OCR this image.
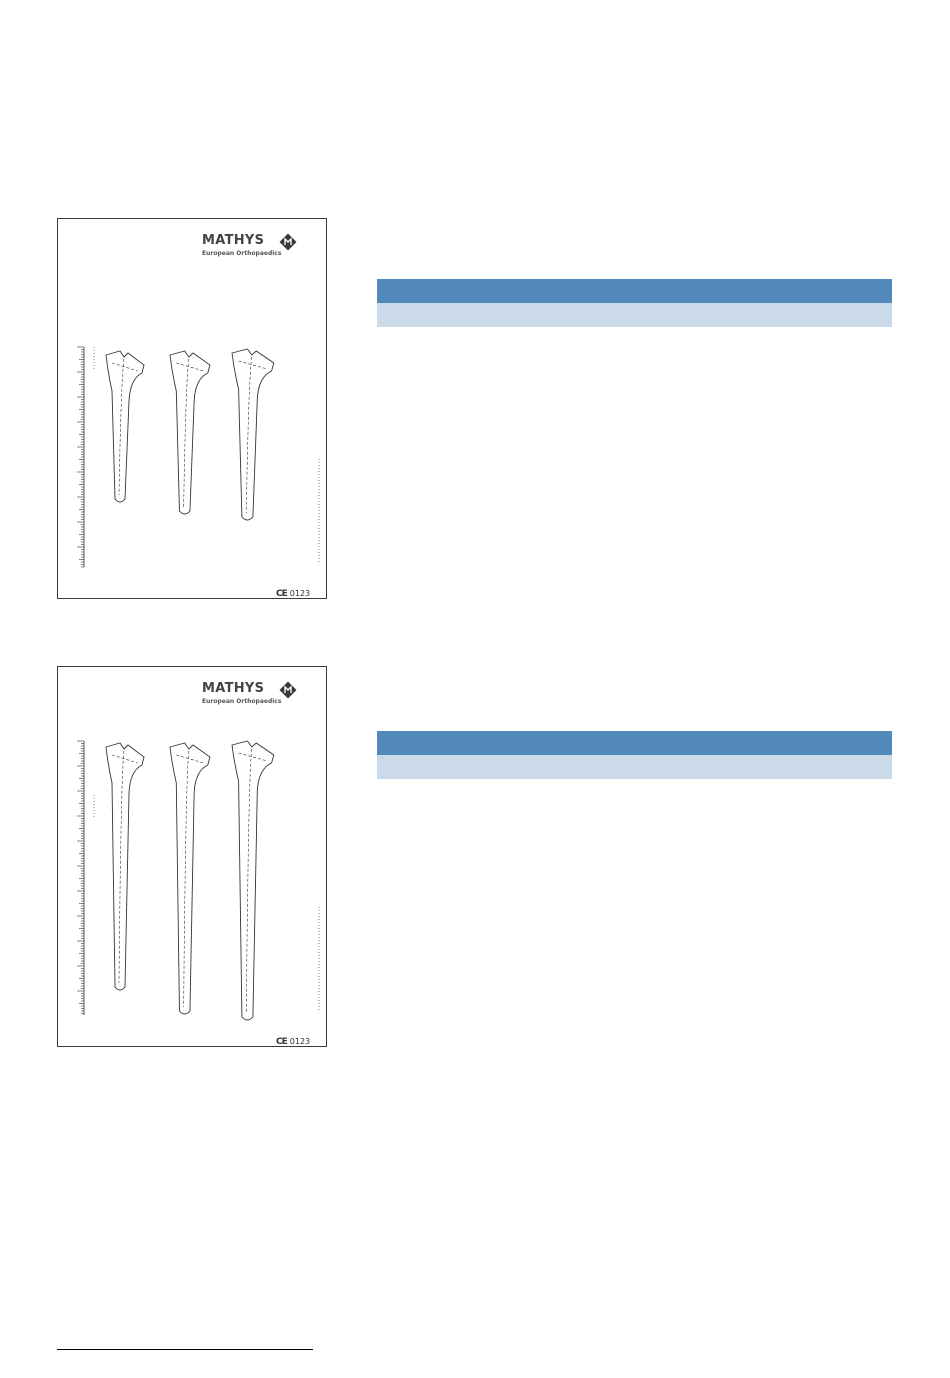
MATHYS
European Orthopaedics
CE 0123
MATHYS
European Orthopaedics
CE 0123
